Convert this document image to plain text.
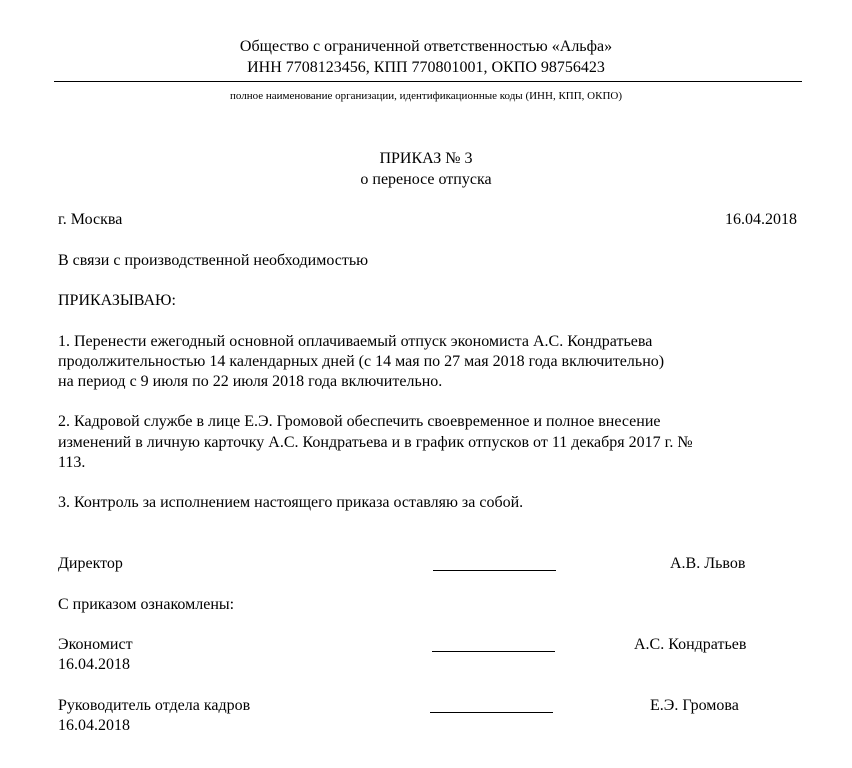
Общество с ограниченной ответственностью «Альфа»
ИНН 7708123456, КПП 770801001, ОКПО 98756423
полное наименование организации, идентификационные коды (ИНН, КПП, ОКПО)
ПРИКАЗ № 3
о переносе отпуска
г. Москва	16.04.2018
В связи с производственной необходимостью
ПРИКАЗЫВАЮ:
1. Перенести ежегодный основной оплачиваемый отпуск экономиста А.С. Кондратьева
продолжительностью 14 календарных дней (с 14 мая по 27 мая 2018 года включительно)
на период с 9 июля по 22 июля 2018 года включительно.
2. Кадровой службе в лице Е.Э. Громовой обеспечить своевременное и полное внесение
изменений в личную карточку А.С. Кондратьева и в график отпусков от 11 декабря 2017 г. №
113.
3. Контроль за исполнением настоящего приказа оставляю за собой.
Директор	А.В. Львов
С приказом ознакомлены:
Экономист
16.04.2018
А.С. Кондратьев
Руководитель отдела кадров
16.04.2018
Е.Э. Громова
